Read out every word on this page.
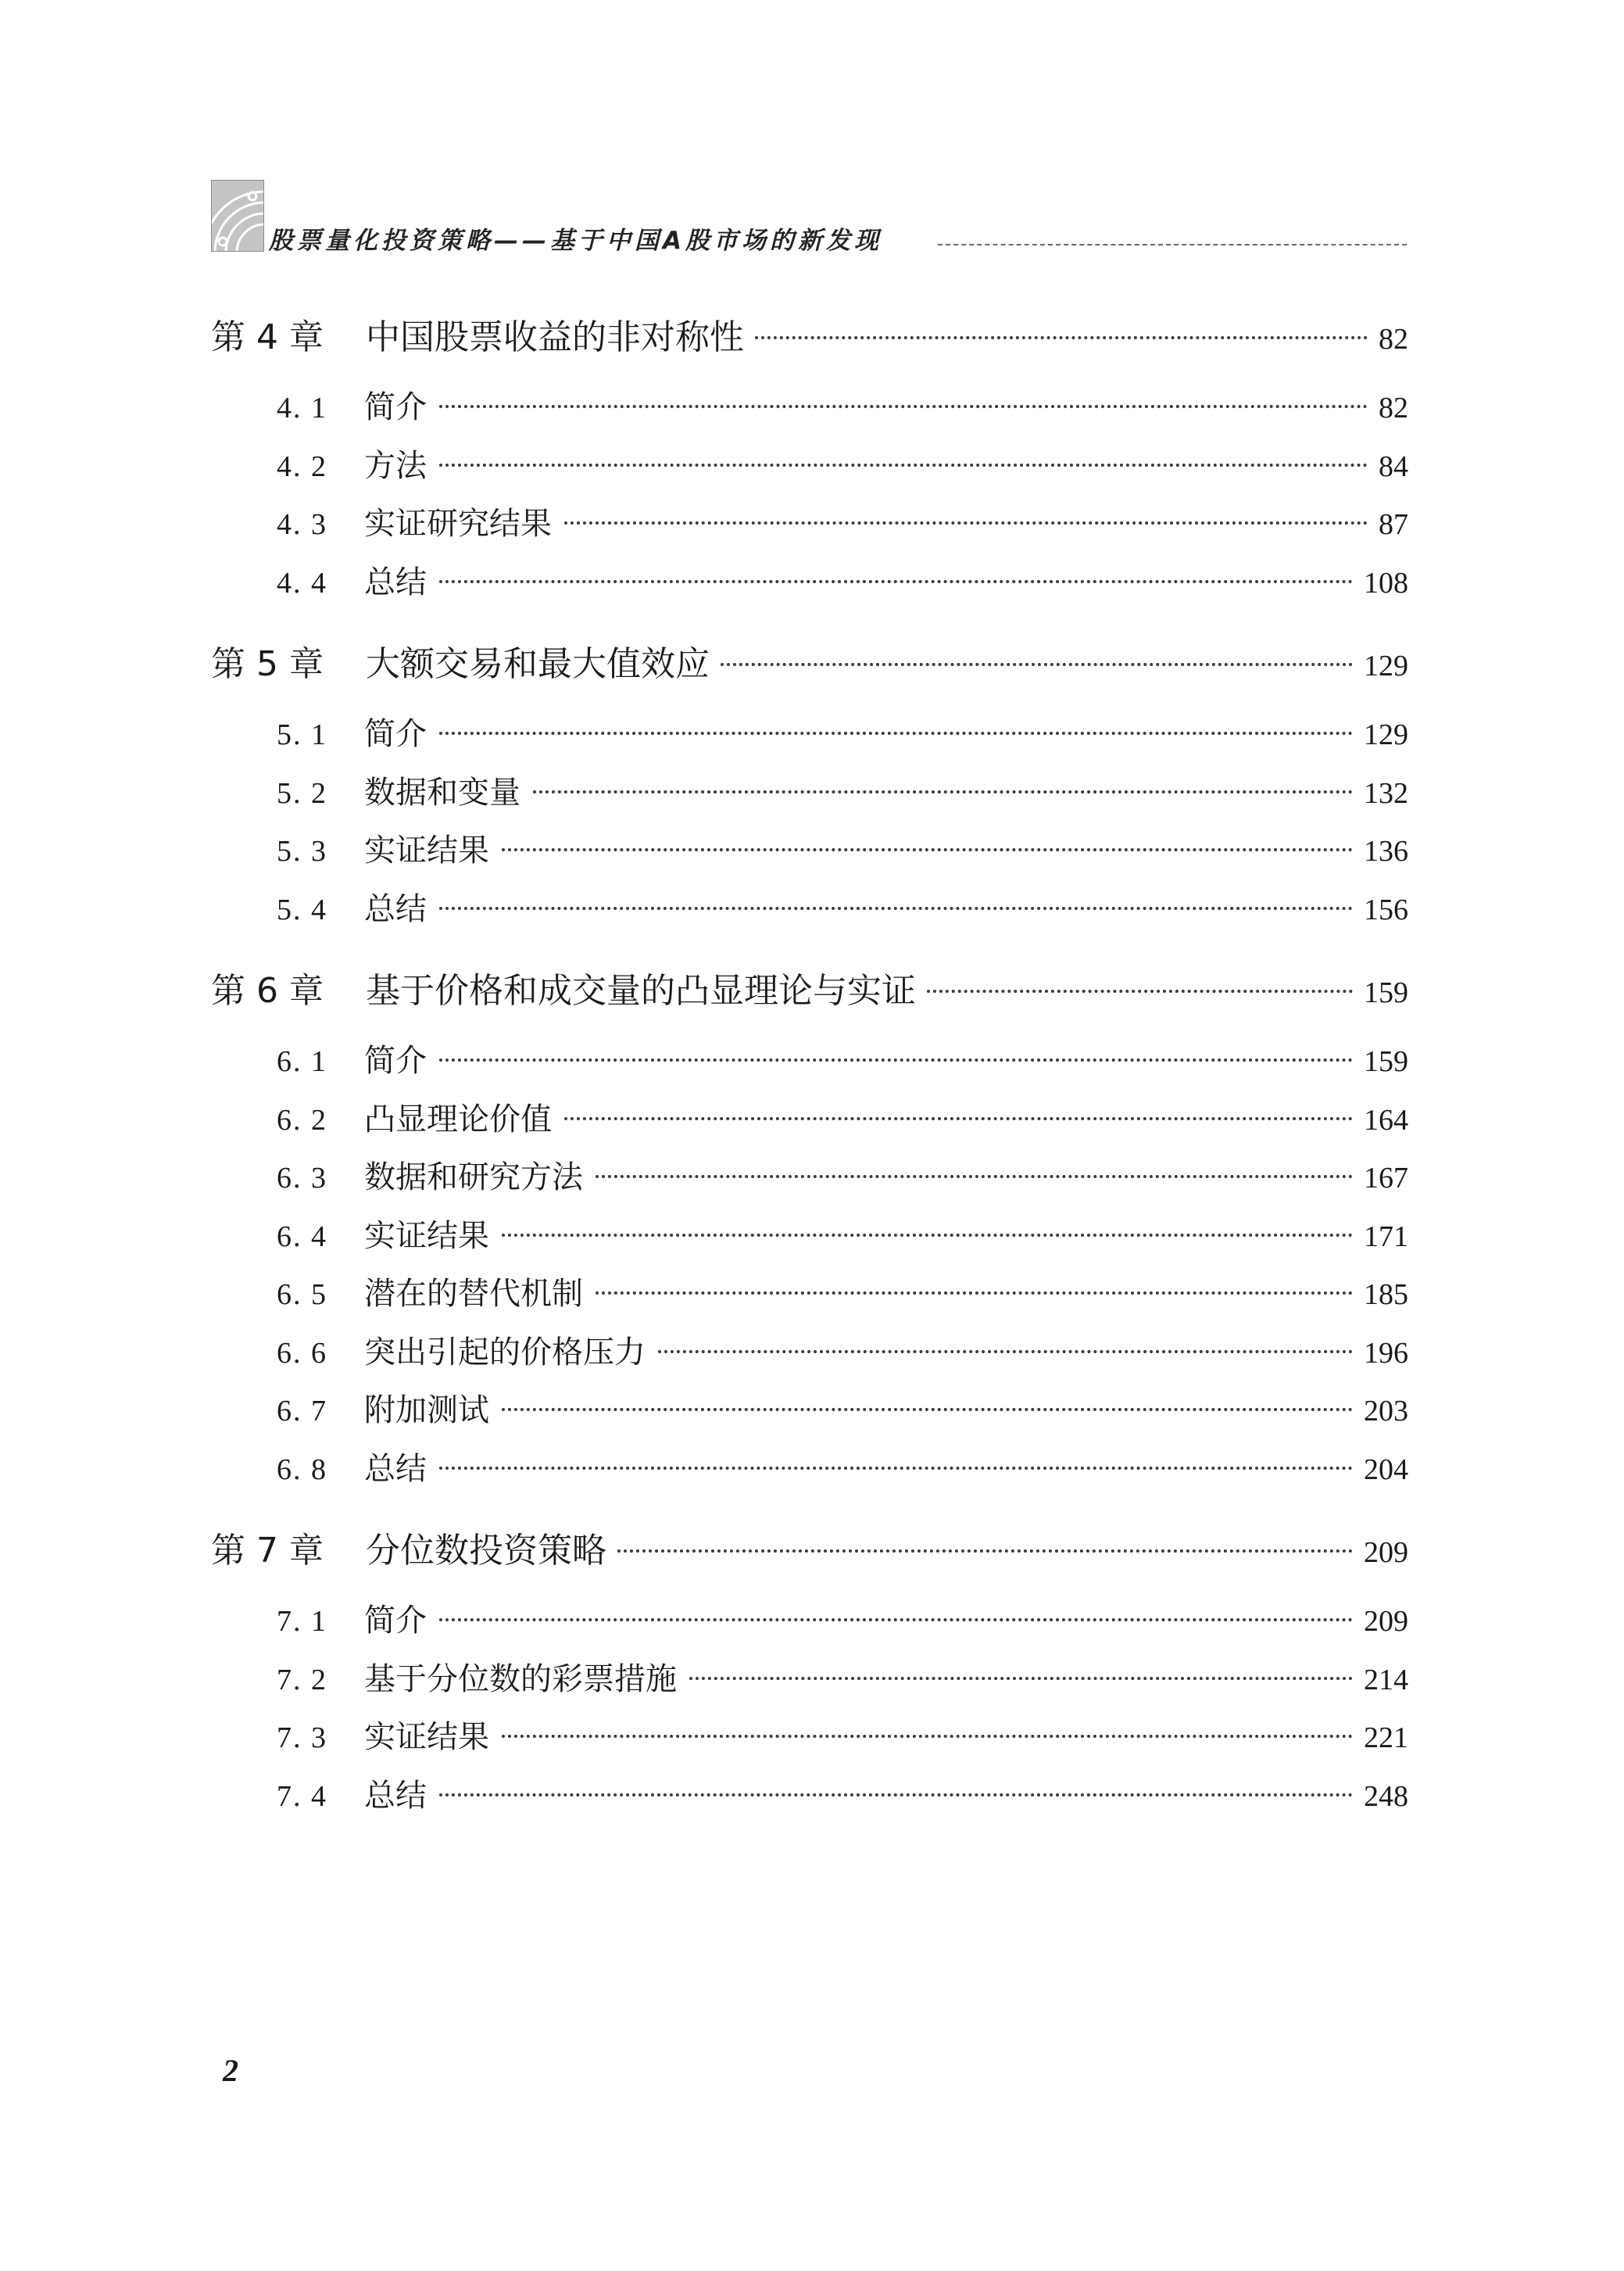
股票量化投资策略——基于中国A股市场的新发现
第 4 章	中国股票收益的非对称性	82
4. 1	简介	82
4. 2	方法	84
4. 3	实证研究结果	87
4. 4	总结	108
第 5 章	大额交易和最大值效应	129
5. 1	简介	129
5. 2	数据和变量	132
5. 3	实证结果	136
5. 4	总结	156
第 6 章	基于价格和成交量的凸显理论与实证	159
6. 1	简介	159
6. 2	凸显理论价值	164
6. 3	数据和研究方法	167
6. 4	实证结果	171
6. 5	潜在的替代机制	185
6. 6	突出引起的价格压力	196
6. 7	附加测试	203
6. 8	总结	204
第 7 章	分位数投资策略	209
7. 1	简介	209
7. 2	基于分位数的彩票措施	214
7. 3	实证结果	221
7. 4	总结	248
2
